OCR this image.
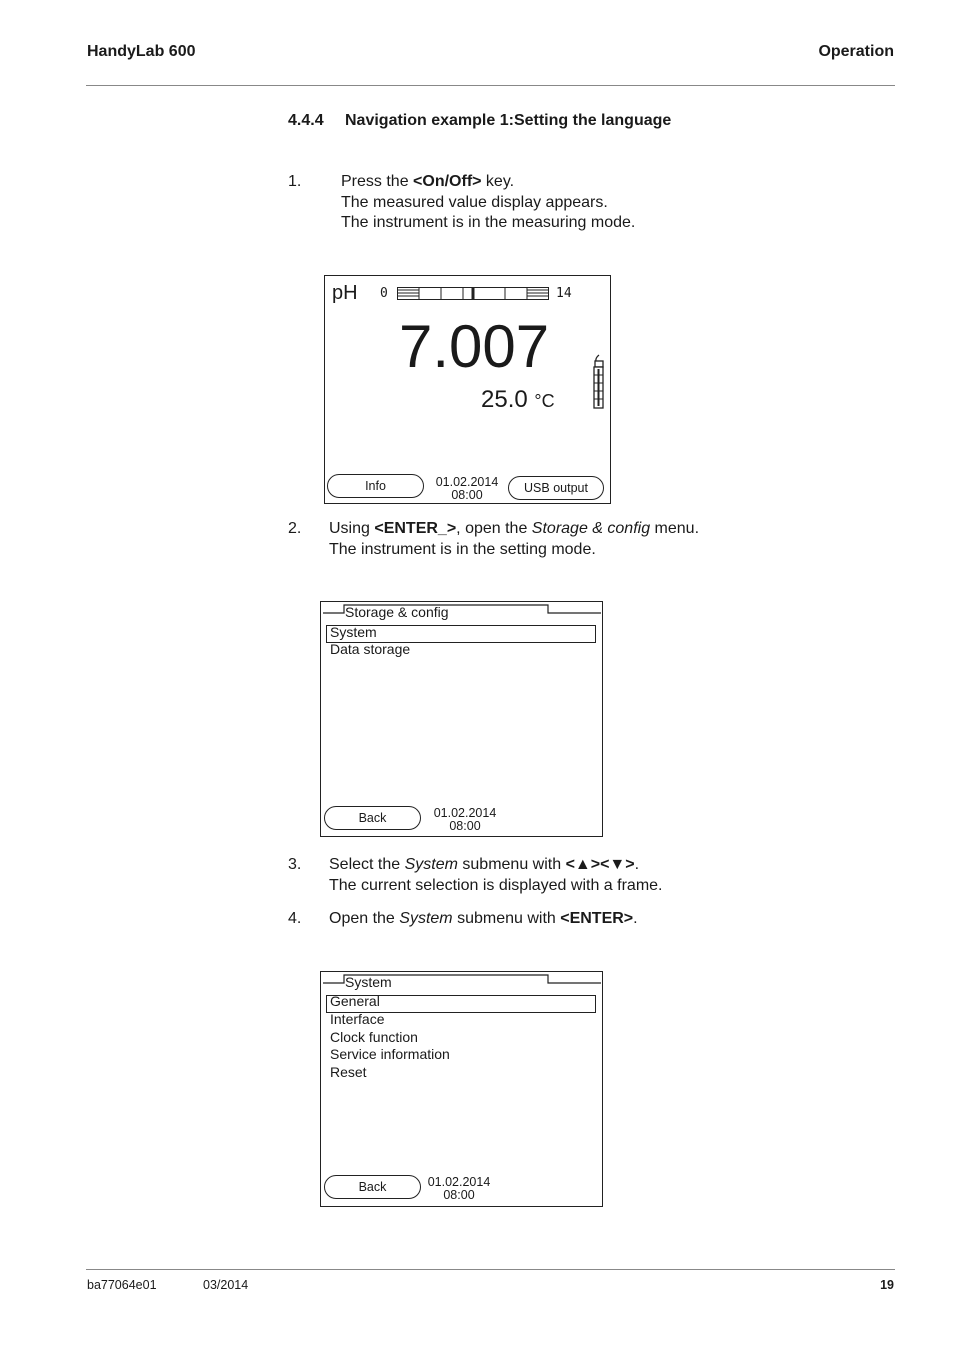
HandyLab 600	Operation
4.4.4 Navigation example 1:Setting the language
1. Press the <On/Off> key.
The measured value display appears.
The instrument is in the measuring mode.
pH 0	14
7.007
25.0 °C
Info	01.02.2014
08:00	USB output
2. Using <ENTER_>, open the Storage & config menu.
The instrument is in the setting mode.
Storage & config
System
Data storage
Back	01.02.2014
08:00
3. Select the System submenu with <▲><▼>.
The current selection is displayed with a frame.
4. Open the System submenu with <ENTER>.
System
General
Interface
Clock function
Service information
Reset
Back	01.02.2014
08:00
ba77064e01	03/2014	19
